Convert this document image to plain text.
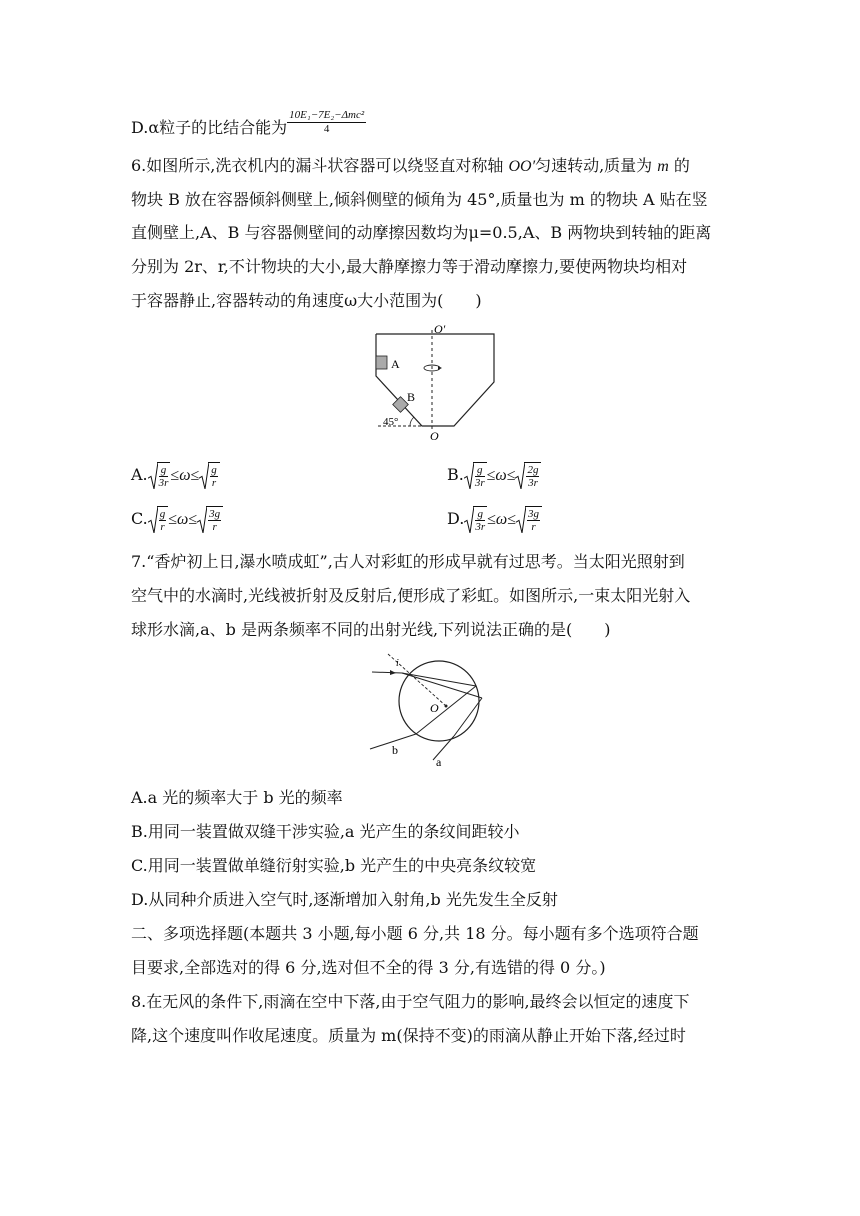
D.α粒子的比结合能为 $\frac{\text{10E₁−7E₂−Δmc²}}{4}$
6.如图所示,洗衣机内的漏斗状容器可以绕竖直对称轴 OO′匀速转动,质量为 m 的
物块 B 放在容器倾斜侧壁上,倾斜侧壁的倾角为 45°,质量也为 m 的物块 A 贴在竖
直侧壁上,A、B 与容器侧壁间的动摩擦因数均为μ=0.5,A、B 两物块到转轴的距离
分别为 2r、r,不计物块的大小,最大静摩擦力等于滑动摩擦力,要使两物块均相对
于容器静止,容器转动的角速度ω大小范围为(　　)
A
B
45°
O′
O
A. $\frac{g}{3r} \le\omega\le \frac{g}{r}$	B. $\frac{g}{3r} \le\omega\le \frac{2g}{3r}$
C. $\frac{g}{r} \le\omega\le \frac{3g}{r}$	D. $\frac{g}{3r} \le\omega\le \frac{3g}{r}$
7.“香炉初上日,瀑水喷成虹”,古人对彩虹的形成早就有过思考。当太阳光照射到
空气中的水滴时,光线被折射及反射后,便形成了彩虹。如图所示,一束太阳光射入
球形水滴,a、b 是两条频率不同的出射光线,下列说法正确的是(　　)
i
O
b
a
A.a 光的频率大于 b 光的频率
B.用同一装置做双缝干涉实验,a 光产生的条纹间距较小
C.用同一装置做单缝衍射实验,b 光产生的中央亮条纹较宽
D.从同种介质进入空气时,逐渐增加入射角,b 光先发生全反射
二、多项选择题(本题共 3 小题,每小题 6 分,共 18 分。每小题有多个选项符合题
目要求,全部选对的得 6 分,选对但不全的得 3 分,有选错的得 0 分。)
8.在无风的条件下,雨滴在空中下落,由于空气阻力的影响,最终会以恒定的速度下
降,这个速度叫作收尾速度。质量为 m(保持不变)的雨滴从静止开始下落,经过时
